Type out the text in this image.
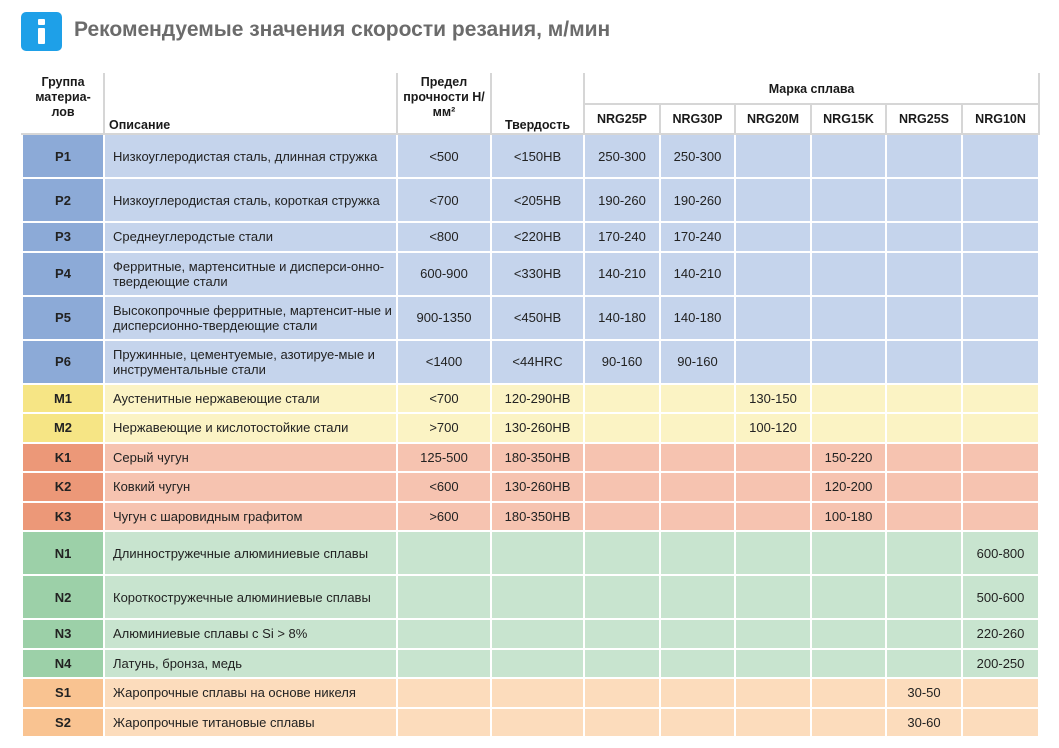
Рекомендуемые значения скорости резания, м/мин
Группа материа-лов	Описание	Предел прочности Н/мм²	Твердость	Марка сплава					
				NRG25P	NRG30P	NRG20M	NRG15K	NRG25S	NRG10N
P1	Низкоуглеродистая сталь, длинная стружка	<500	<150HB	250-300	250-300				
P2	Низкоуглеродистая сталь, короткая стружка	<700	<205HB	190-260	190-260				
P3	Среднеуглеродстые стали	<800	<220HB	170-240	170-240				
P4	Ферритные, мартенситные и дисперси-онно-твердеющие стали	600-900	<330HB	140-210	140-210				
P5	Высокопрочные ферритные, мартенсит-ные и дисперсионно-твердеющие стали	900-1350	<450HB	140-180	140-180				
P6	Пружинные, цементуемые, азотируе-мые и инструментальные стали	<1400	<44HRC	90-160	90-160				
M1	Аустенитные нержавеющие стали	<700	120-290HB			130-150			
M2	Нержавеющие и кислотостойкие стали	>700	130-260HB			100-120			
K1	Серый чугун	125-500	180-350HB				150-220		
K2	Ковкий чугун	<600	130-260HB				120-200		
K3	Чугун с шаровидным графитом	>600	180-350HB				100-180		
N1	Длинностружечные алюминиевые сплавы								600-800
N2	Короткостружечные алюминиевые сплавы								500-600
N3	Алюминиевые сплавы с Si > 8%								220-260
N4	Латунь, бронза, медь								200-250
S1	Жаропрочные сплавы на основе никеля							30-50	
S2	Жаропрочные титановые сплавы							30-60	
